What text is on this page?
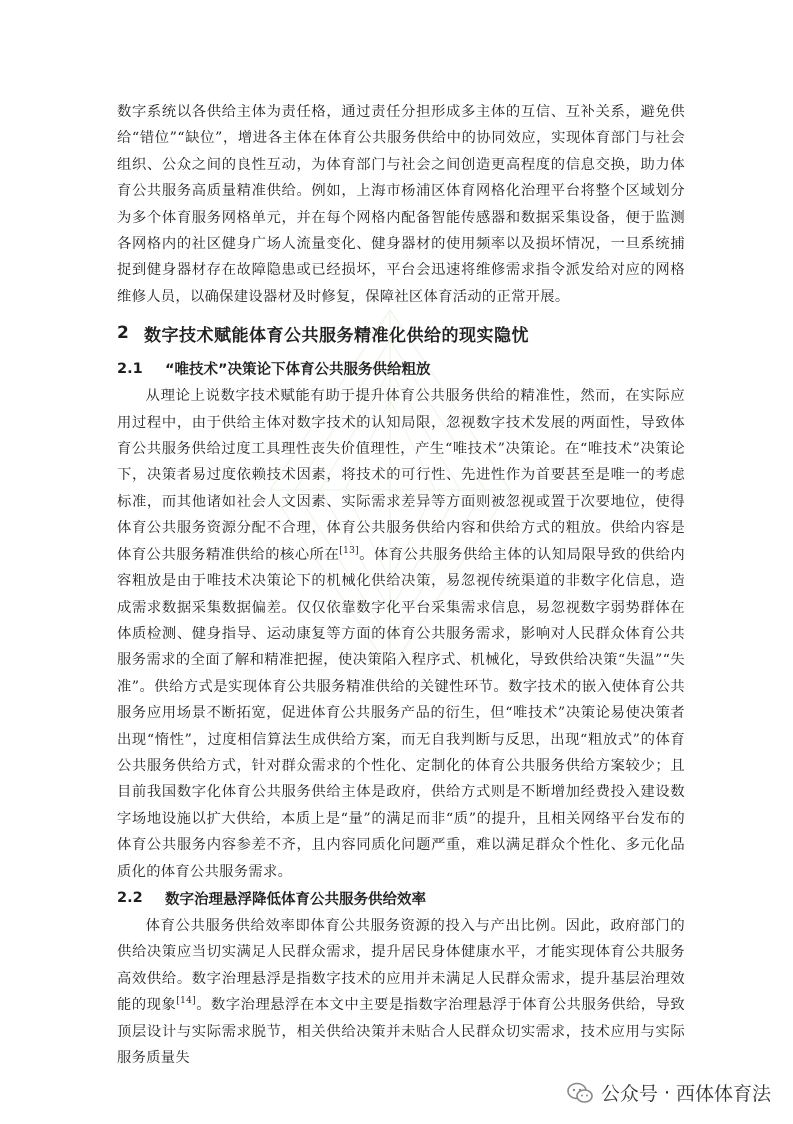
数字系统以各供给主体为责任格，通过责任分担形成多主体的互信、互补关系，避免供给“错位”“缺位”，增进各主体在体育公共服务供给中的协同效应，实现体育部门与社会组织、公众之间的良性互动，为体育部门与社会之间创造更高程度的信息交换，助力体育公共服务高质量精准供给。例如，上海市杨浦区体育网格化治理平台将整个区域划分为多个体育服务网格单元，并在每个网格内配备智能传感器和数据采集设备，便于监测各网格内的社区健身广场人流量变化、健身器材的使用频率以及损坏情况，一旦系统捕捉到健身器材存在故障隐患或已经损坏，平台会迅速将维修需求指令派发给对应的网格维修人员，以确保建设器材及时修复，保障社区体育活动的正常开展。

2 数字技术赋能体育公共服务精准化供给的现实隐忧
2.1	“唯技术”决策论下体育公共服务供给粗放

从理论上说数字技术赋能有助于提升体育公共服务供给的精准性，然而，在实际应用过程中，由于供给主体对数字技术的认知局限，忽视数字技术发展的两面性，导致体育公共服务供给过度工具理性丧失价值理性，产生“唯技术”决策论。在“唯技术”决策论下，决策者易过度依赖技术因素，将技术的可行性、先进性作为首要甚至是唯一的考虑标准，而其他诸如社会人文因素、实际需求差异等方面则被忽视或置于次要地位，使得体育公共服务资源分配不合理，体育公共服务供给内容和供给方式的粗放。供给内容是体育公共服务精准供给的核心所在[13]。体育公共服务供给主体的认知局限导致的供给内容粗放是由于唯技术决策论下的机械化供给决策，易忽视传统渠道的非数字化信息，造成需求数据采集数据偏差。仅仅依靠数字化平台采集需求信息，易忽视数字弱势群体在体质检测、健身指导、运动康复等方面的体育公共服务需求，影响对人民群众体育公共服务需求的全面了解和精准把握，使决策陷入程序式、机械化，导致供给决策“失温”“失准”。供给方式是实现体育公共服务精准供给的关键性环节。数字技术的嵌入使体育公共服务应用场景不断拓宽，促进体育公共服务产品的衍生，但“唯技术”决策论易使决策者出现“惰性”，过度相信算法生成供给方案，而无自我判断与反思，出现“粗放式”的体育公共服务供给方式，针对群众需求的个性化、定制化的体育公共服务供给方案较少；且目前我国数字化体育公共服务供给主体是政府，供给方式则是不断增加经费投入建设数字场地设施以扩大供给，本质上是“量”的满足而非“质”的提升，且相关网络平台发布的体育公共服务内容参差不齐，且内容同质化问题严重，难以满足群众个性化、多元化品质化的体育公共服务需求。

2.2	数字治理悬浮降低体育公共服务供给效率

体育公共服务供给效率即体育公共服务资源的投入与产出比例。因此，政府部门的供给决策应当切实满足人民群众需求，提升居民身体健康水平，才能实现体育公共服务高效供给。数字治理悬浮是指数字技术的应用并未满足人民群众需求，提升基层治理效能的现象[14]。数字治理悬浮在本文中主要是指数字治理悬浮于体育公共服务供给，导致顶层设计与实际需求脱节，相关供给决策并未贴合人民群众切实需求，技术应用与实际服务质量失

公众号 · 西体体育法
